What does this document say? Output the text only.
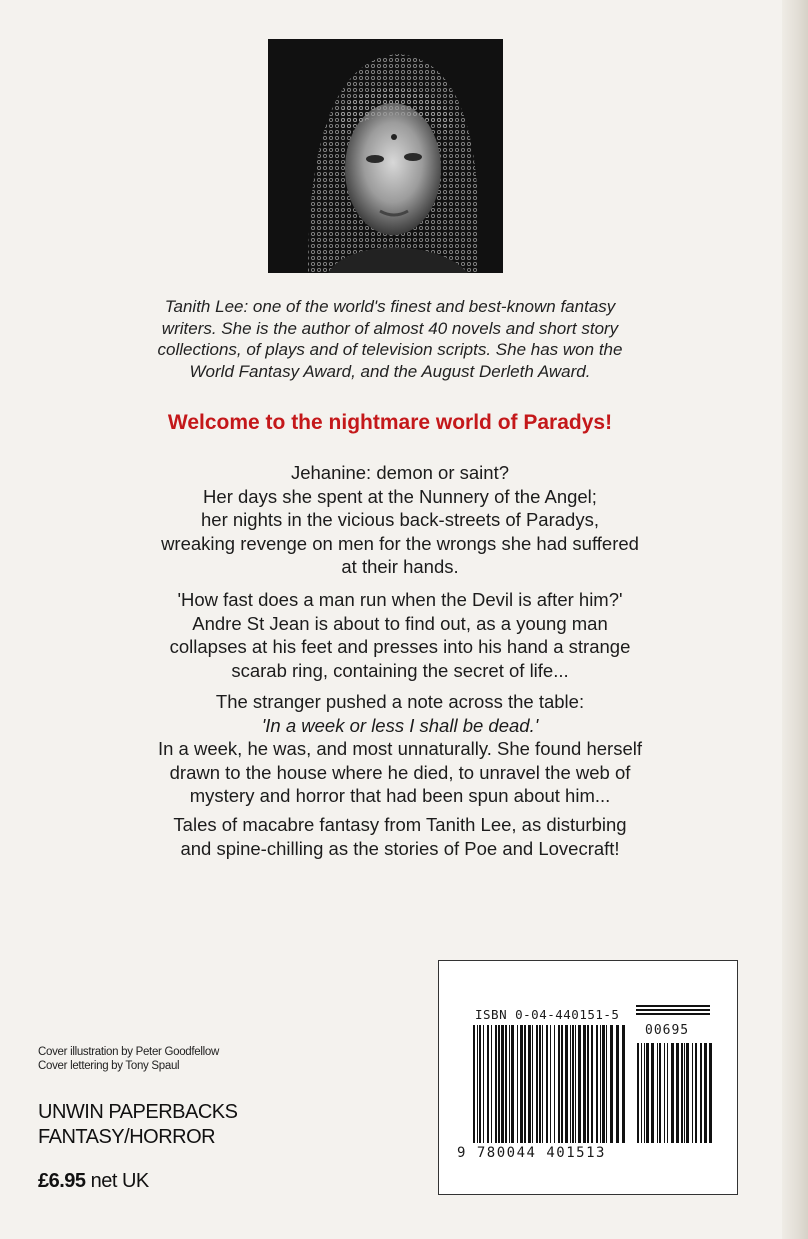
Tanith Lee: one of the world's finest and best-known fantasy
writers. She is the author of almost 40 novels and short story
collections, of plays and of television scripts. She has won the
World Fantasy Award, and the August Derleth Award.
Welcome to the nightmare world of Paradys!

Jehanine: demon or saint?

Her days she spent at the Nunnery of the Angel;

her nights in the vicious back-streets of Paradys,

wreaking revenge on men for the wrongs she had suffered

at their hands.

'How fast does a man run when the Devil is after him?'

Andre St Jean is about to find out, as a young man

collapses at his feet and presses into his hand a strange

scarab ring, containing the secret of life...

The stranger pushed a note across the table:

'In a week or less I shall be dead.'

In a week, he was, and most unnaturally. She found herself

drawn to the house where he died, to unravel the web of

mystery and horror that had been spun about him...

Tales of macabre fantasy from Tanith Lee, as disturbing

and spine-chilling as the stories of Poe and Lovecraft!

Cover illustration by Peter Goodfellow
Cover lettering by Tony Spaul
UNWIN PAPERBACKS
FANTASY/HORROR
£6.95 net UK
ISBN 0-04-440151-5
00695
9 780044 401513
